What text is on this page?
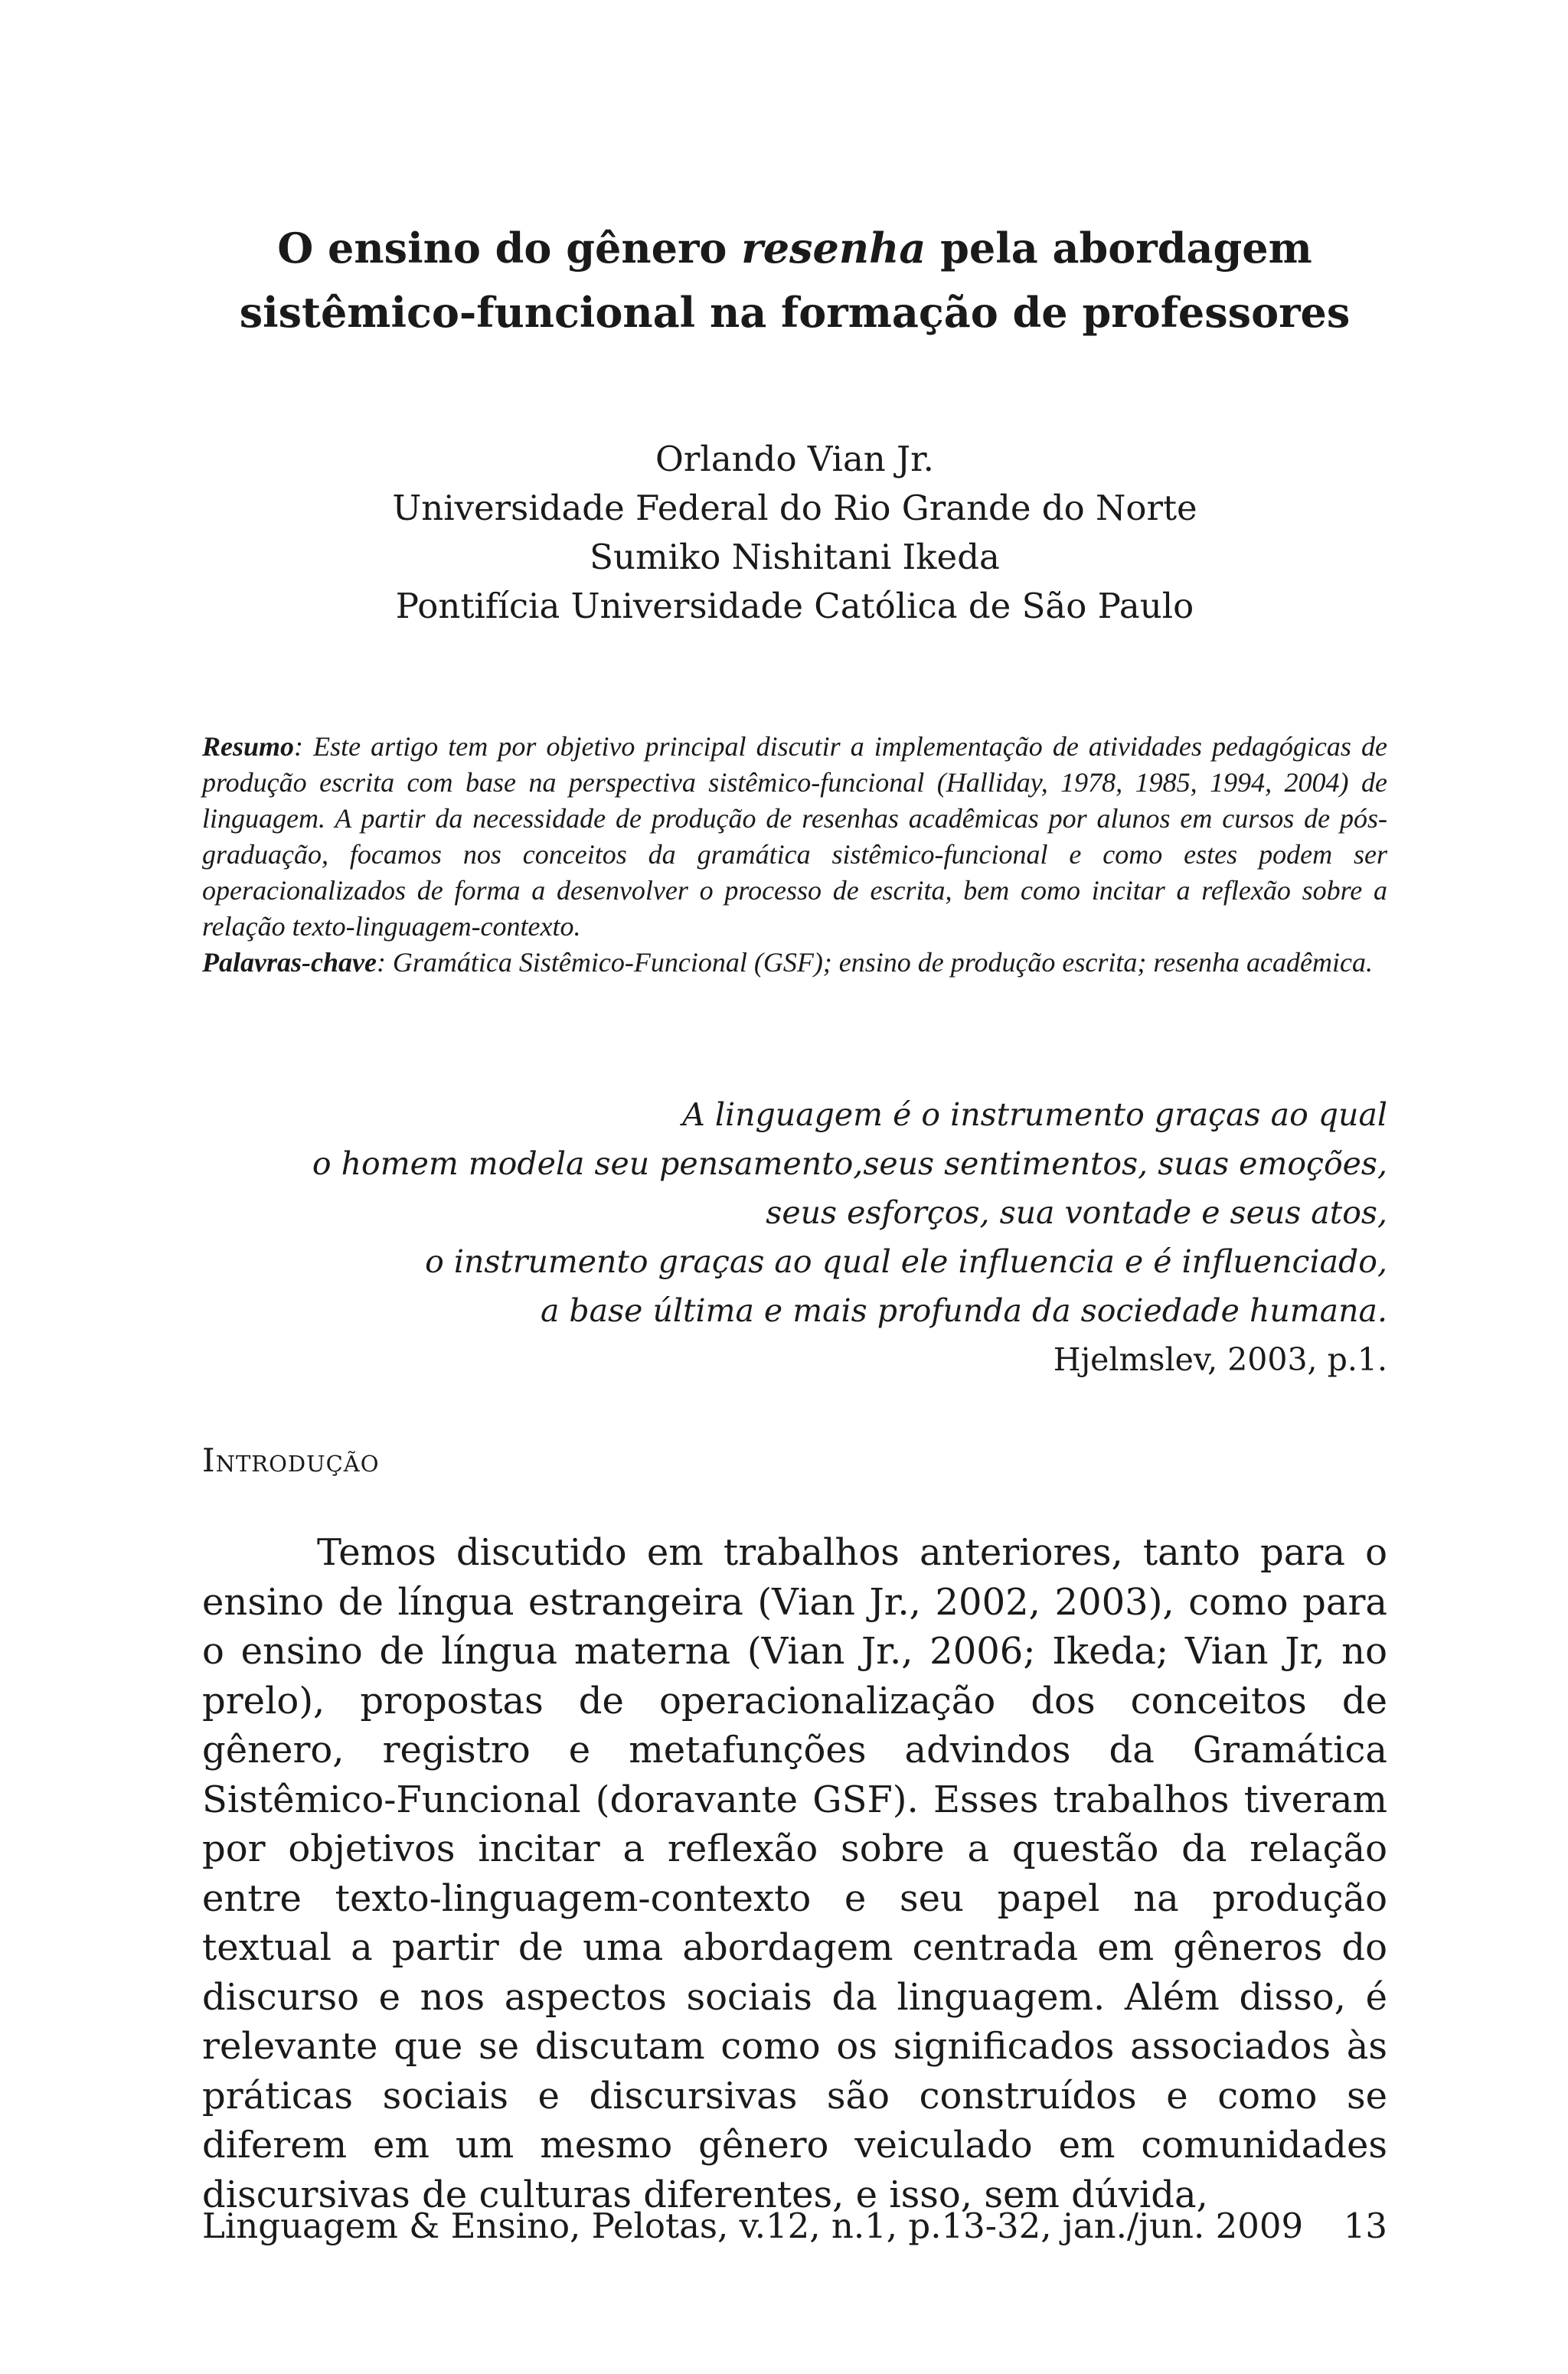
O ensino do gênero resenha pela abordagem
sistêmico-funcional na formação de professores
Orlando Vian Jr.
Universidade Federal do Rio Grande do Norte
Sumiko Nishitani Ikeda
Pontifícia Universidade Católica de São Paulo

Resumo: Este artigo tem por objetivo principal discutir a implementação de atividades pedagógicas de produção escrita com base na perspectiva sistêmico-funcional (Halliday, 1978, 1985, 1994, 2004) de linguagem. A partir da necessidade de produção de resenhas acadêmicas por alunos em cursos de pós-graduação, focamos nos conceitos da gramática sistêmico-funcional e como estes podem ser operacionalizados de forma a desenvolver o processo de escrita, bem como incitar a reflexão sobre a relação texto-linguagem-contexto.

Palavras-chave: Gramática Sistêmico-Funcional (GSF); ensino de produção escrita; resenha acadêmica.

A linguagem é o instrumento graças ao qual
o homem modela seu pensamento,seus sentimentos, suas emoções,
seus esforços, sua vontade e seus atos,
o instrumento graças ao qual ele influencia e é influenciado,
a base última e mais profunda da sociedade humana.
Hjelmslev, 2003, p.1.
Introdução

Temos discutido em trabalhos anteriores, tanto para o ensino de língua estrangeira (Vian Jr., 2002, 2003), como para o ensino de língua materna (Vian Jr., 2006; Ikeda; Vian Jr, no prelo), propostas de operacionalização dos conceitos de gênero, registro e metafunções advindos da Gramática Sistêmico-Funcional (doravante GSF). Esses trabalhos tiveram por objetivos incitar a reflexão sobre a questão da relação entre texto-linguagem-contexto e seu papel na produção textual a partir de uma abordagem centrada em gêneros do discurso e nos aspectos sociais da linguagem. Além disso, é relevante que se discutam como os significados associados às práticas sociais e discursivas são construídos e como se diferem em um mesmo gênero veiculado em comunidades discursivas de culturas diferentes, e isso, sem dúvida,

Linguagem & Ensino, Pelotas, v.12, n.1, p.13-32, jan./jun. 2009 13
